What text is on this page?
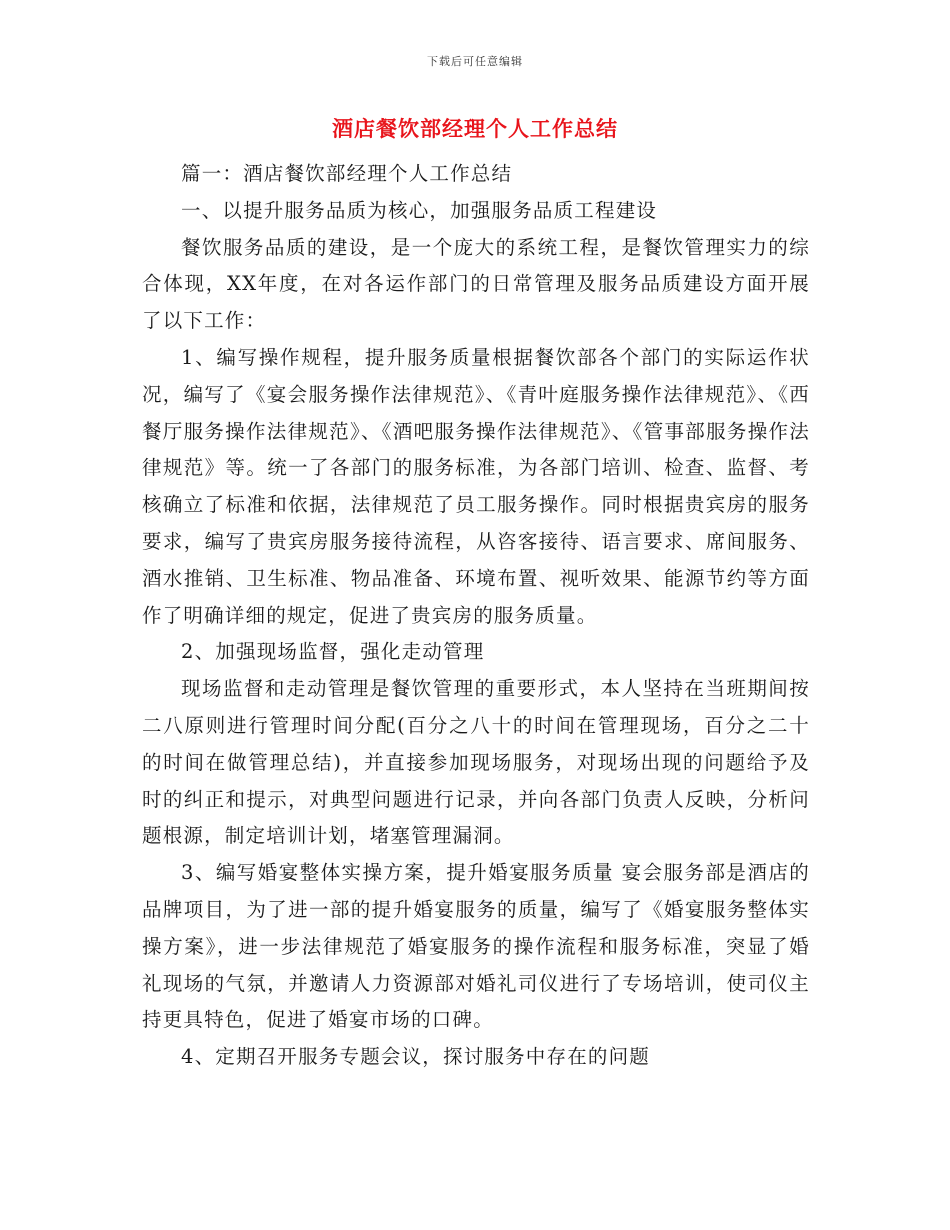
下载后可任意编辑
酒店餐饮部经理个人工作总结

篇一：酒店餐饮部经理个人工作总结

一、以提升服务品质为核心，加强服务品质工程建设

餐饮服务品质的建设，是一个庞大的系统工程，是餐饮管理实力的综合体现，XX年度，在对各运作部门的日常管理及服务品质建设方面开展了以下工作：

1、编写操作规程，提升服务质量根据餐饮部各个部门的实际运作状况，编写了《宴会服务操作法律规范》、《青叶庭服务操作法律规范》、《西餐厅服务操作法律规范》、《酒吧服务操作法律规范》、《管事部服务操作法律规范》等。统一了各部门的服务标准，为各部门培训、检查、监督、考核确立了标准和依据，法律规范了员工服务操作。同时根据贵宾房的服务要求，编写了贵宾房服务接待流程，从咨客接待、语言要求、席间服务、酒水推销、卫生标准、物品准备、环境布置、视听效果、能源节约等方面作了明确详细的规定，促进了贵宾房的服务质量。

2、加强现场监督，强化走动管理

现场监督和走动管理是餐饮管理的重要形式，本人坚持在当班期间按二八原则进行管理时间分配(百分之八十的时间在管理现场，百分之二十的时间在做管理总结)，并直接参加现场服务，对现场出现的问题给予及时的纠正和提示，对典型问题进行记录，并向各部门负责人反映，分析问题根源，制定培训计划，堵塞管理漏洞。

3、编写婚宴整体实操方案，提升婚宴服务质量 宴会服务部是酒店的品牌项目，为了进一部的提升婚宴服务的质量，编写了《婚宴服务整体实操方案》，进一步法律规范了婚宴服务的操作流程和服务标准，突显了婚礼现场的气氛，并邀请人力资源部对婚礼司仪进行了专场培训，使司仪主持更具特色，促进了婚宴市场的口碑。

4、定期召开服务专题会议，探讨服务中存在的问题
